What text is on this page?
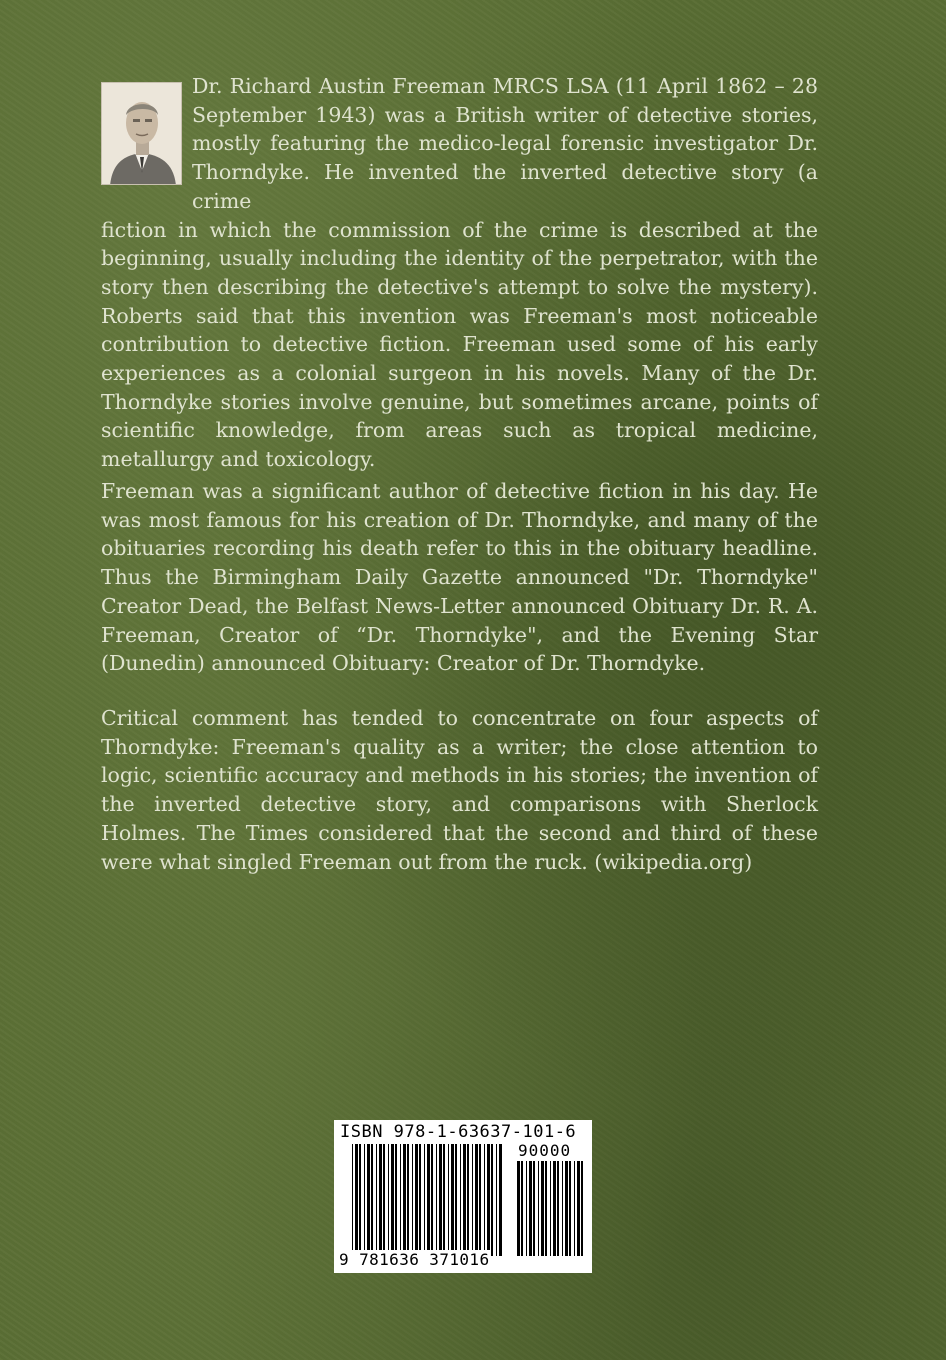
Dr. Richard Austin Freeman MRCS LSA (11 April 1862 – 28 September 1943) was a British writer of detective stories, mostly featuring the medico-legal forensic investigator Dr. Thorndyke. He invented the inverted detective story (a crime
fiction in which the commission of the crime is described at the beginning, usually including the identity of the perpetrator, with the story then describing the detective's attempt to solve the mystery). Roberts said that this invention was Freeman's most noticeable contribution to detective fiction. Freeman used some of his early experiences as a colonial surgeon in his novels. Many of the Dr. Thorndyke stories involve genuine, but sometimes arcane, points of scientific knowledge, from areas such as tropical medicine, metallurgy and toxicology.

Freeman was a significant author of detective fiction in his day. He was most famous for his creation of Dr. Thorndyke, and many of the obituaries recording his death refer to this in the obituary headline. Thus the Birmingham Daily Gazette announced "Dr. Thorndyke" Creator Dead, the Belfast News-Letter announced Obituary Dr. R. A. Freeman, Creator of “Dr. Thorndyke", and the Evening Star (Dunedin) announced Obituary: Creator of Dr. Thorndyke.

Critical comment has tended to concentrate on four aspects of Thorndyke: Freeman's quality as a writer; the close attention to logic, scientific accuracy and methods in his stories; the invention of the inverted detective story, and comparisons with Sherlock Holmes. The Times considered that the second and third of these were what singled Freeman out from the ruck. (wikipedia.org)

ISBN 978-1-63637-101-6
90000
9 781636 371016
